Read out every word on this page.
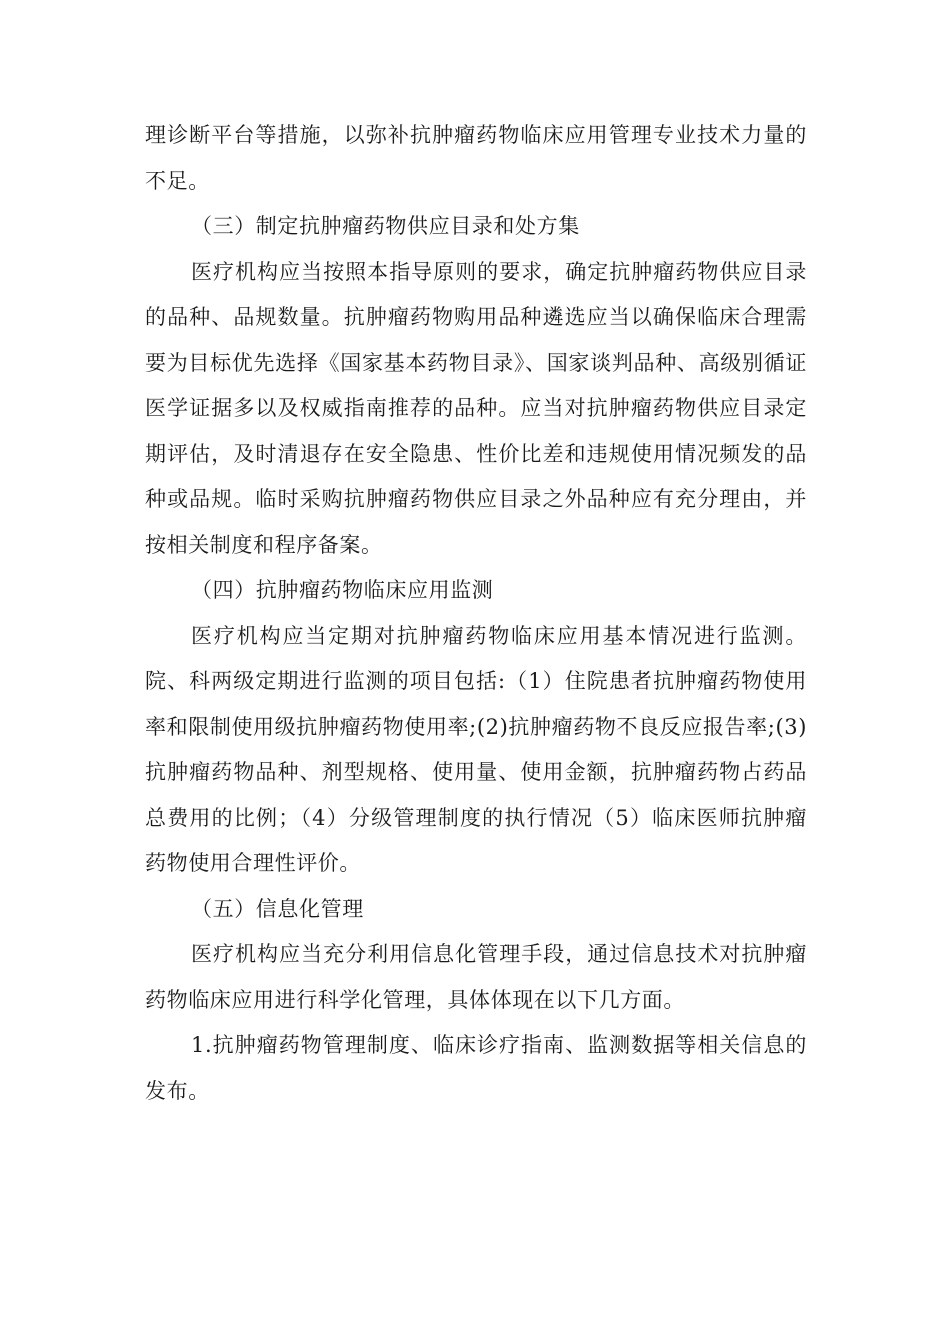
理诊断平台等措施，以弥补抗肿瘤药物临床应用管理专业技术力量的不足。

（三）制定抗肿瘤药物供应目录和处方集

医疗机构应当按照本指导原则的要求，确定抗肿瘤药物供应目录的品种、品规数量。抗肿瘤药物购用品种遴选应当以确保临床合理需要为目标优先选择《国家基本药物目录》、国家谈判品种、高级别循证医学证据多以及权威指南推荐的品种。应当对抗肿瘤药物供应目录定期评估，及时清退存在安全隐患、性价比差和违规使用情况频发的品种或品规。临时采购抗肿瘤药物供应目录之外品种应有充分理由，并按相关制度和程序备案。

（四）抗肿瘤药物临床应用监测

医疗机构应当定期对抗肿瘤药物临床应用基本情况进行监测。院、科两级定期进行监测的项目包括:（1）住院患者抗肿瘤药物使用率和限制使用级抗肿瘤药物使用率;(2)抗肿瘤药物不良反应报告率;(3)抗肿瘤药物品种、剂型规格、使用量、使用金额，抗肿瘤药物占药品总费用的比例；（4）分级管理制度的执行情况（5）临床医师抗肿瘤药物使用合理性评价。

（五）信息化管理

医疗机构应当充分利用信息化管理手段，通过信息技术对抗肿瘤药物临床应用进行科学化管理，具体体现在以下几方面。

1.抗肿瘤药物管理制度、临床诊疗指南、监测数据等相关信息的发布。
